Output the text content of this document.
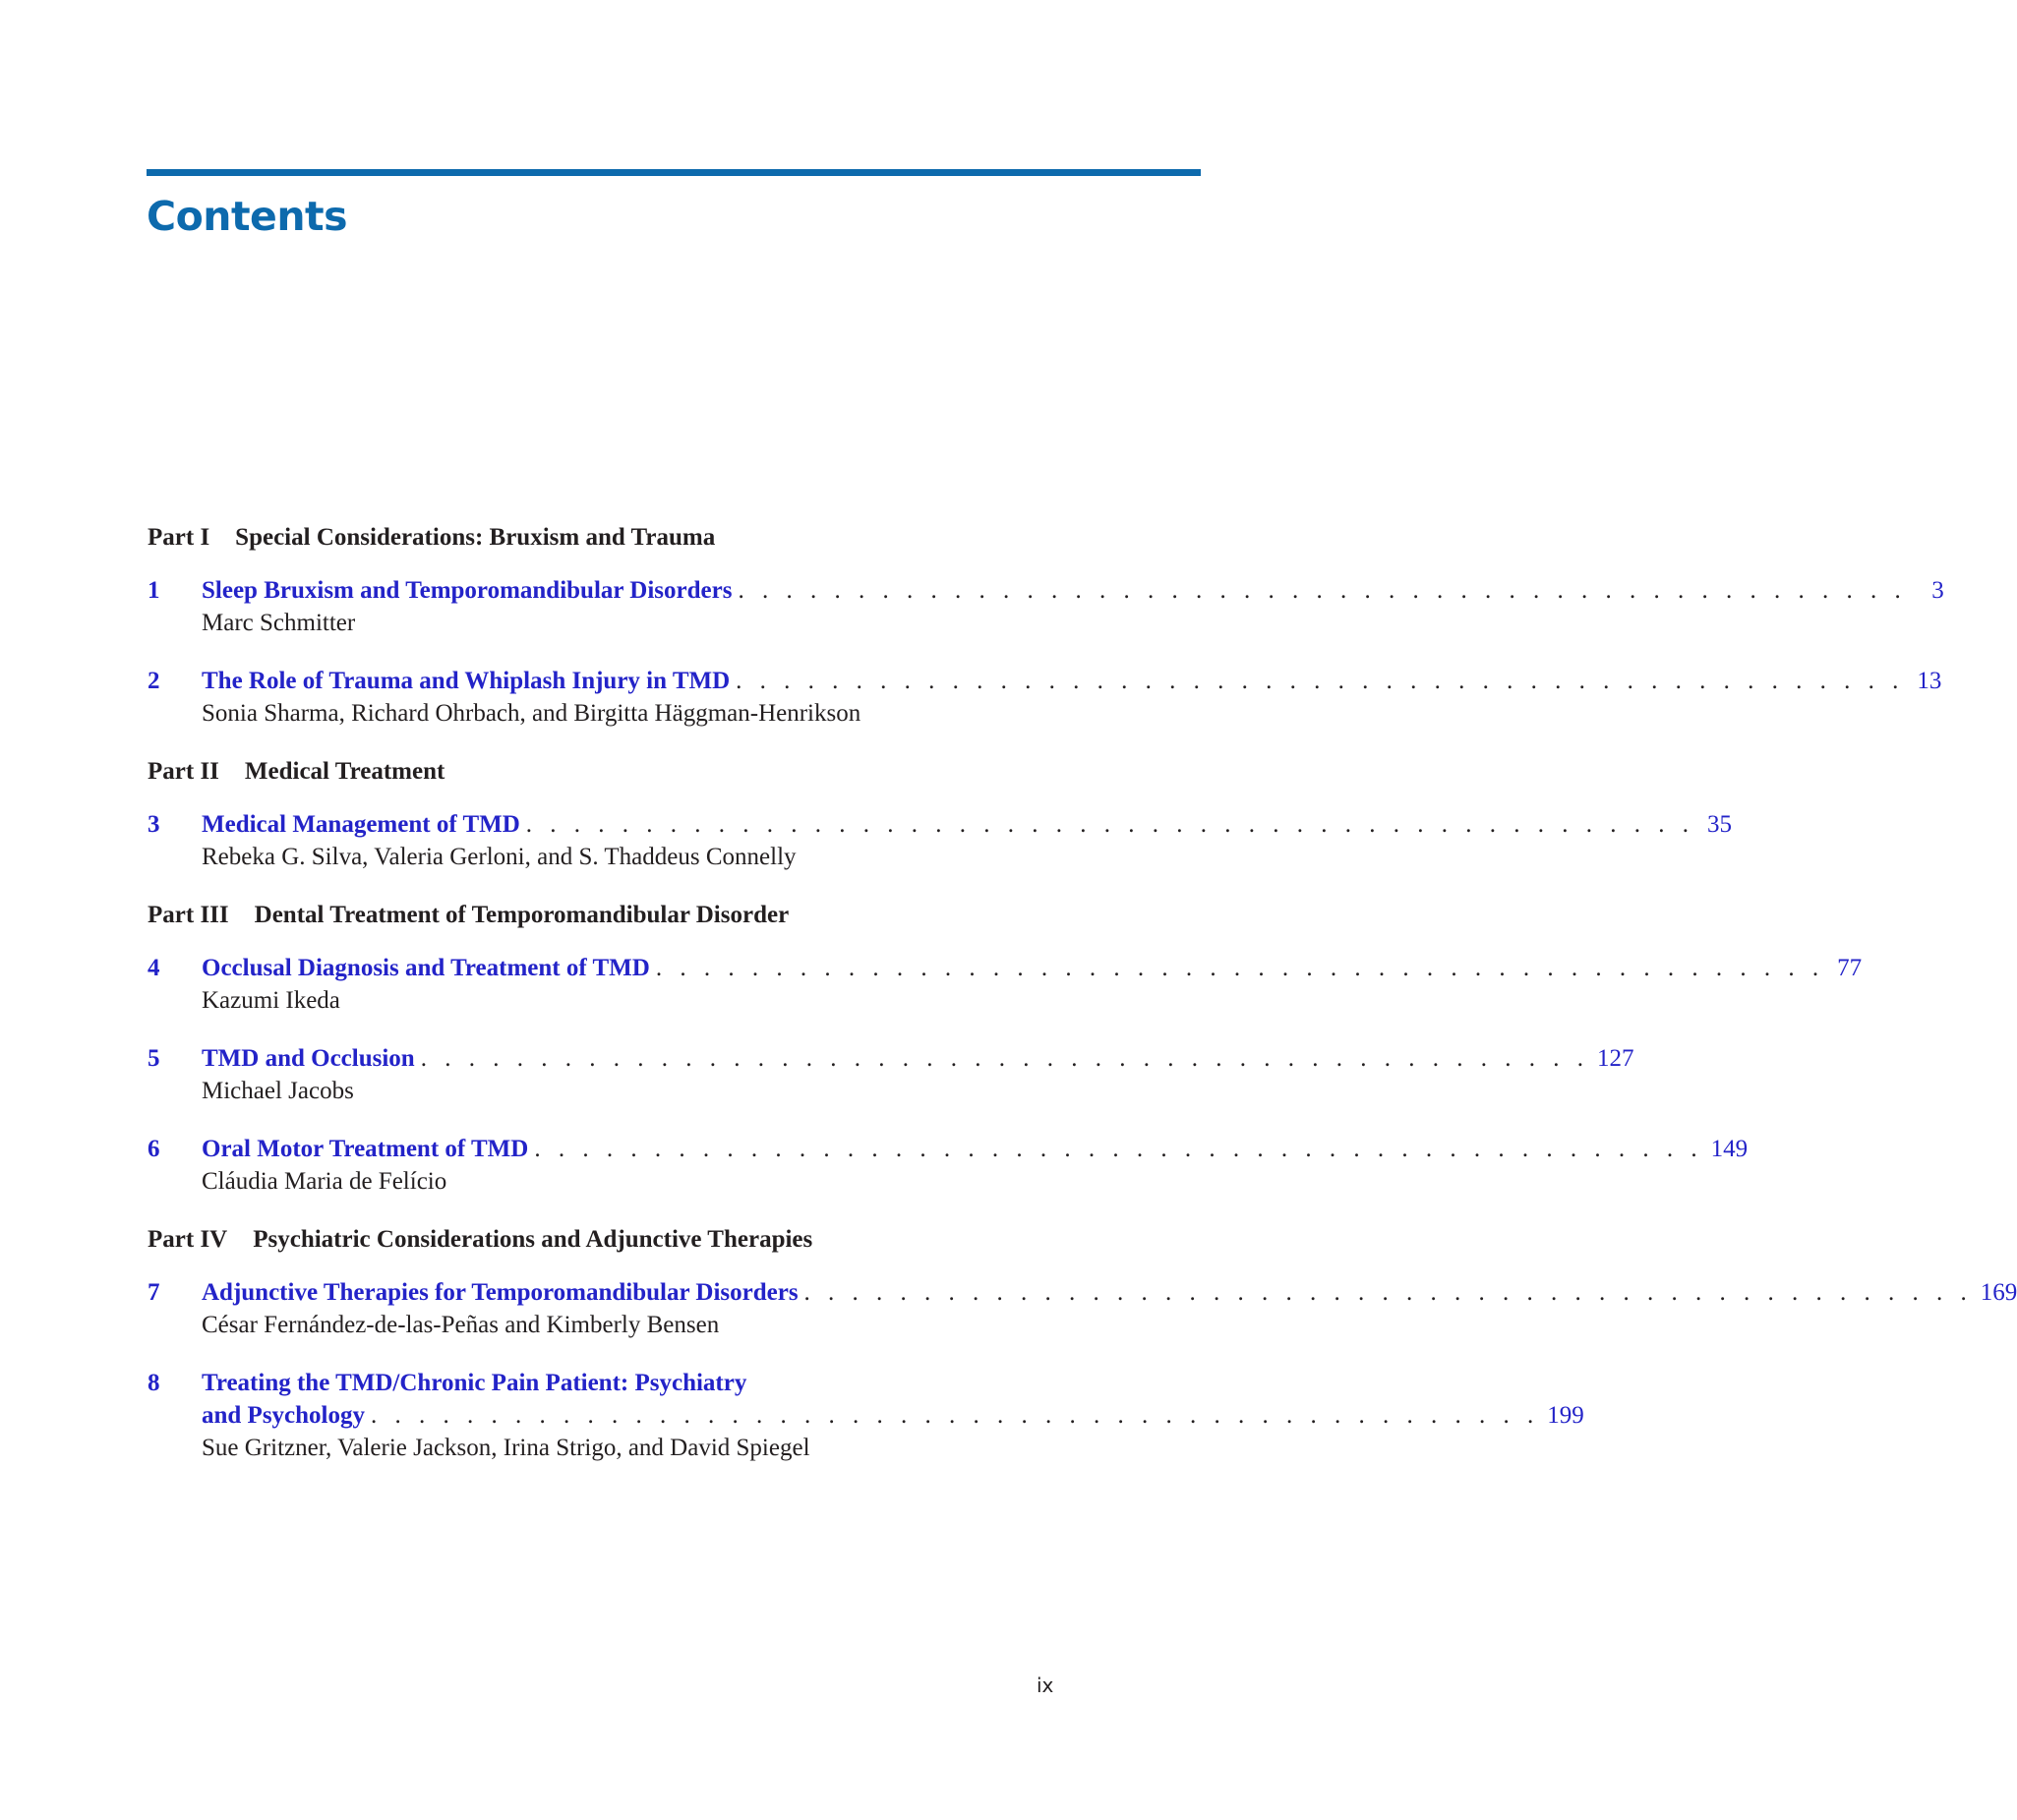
Contents
Part I Special Considerations: Bruxism and Trauma
1	Sleep Bruxism and Temporomandibular Disorders . . . . . . . . . . . . . . . . . . . . . . . . . . . . . . . . . . . . . . . . . . . . . . . . .	3
Marc Schmitter
2	The Role of Trauma and Whiplash Injury in TMD . . . . . . . . . . . . . . . . . . . . . . . . . . . . . . . . . . . . . . . . . . . . . . . . . 13
Sonia Sharma, Richard Ohrbach, and Birgitta Häggman-Henrikson
Part II Medical Treatment
3	Medical Management of TMD . . . . . . . . . . . . . . . . . . . . . . . . . . . . . . . . . . . . . . . . . . . . . . . . . 35
Rebeka G. Silva, Valeria Gerloni, and S. Thaddeus Connelly
Part III Dental Treatment of Temporomandibular Disorder
4	Occlusal Diagnosis and Treatment of TMD . . . . . . . . . . . . . . . . . . . . . . . . . . . . . . . . . . . . . . . . . . . . . . . . . 77
Kazumi Ikeda
5	TMD and Occlusion . . . . . . . . . . . . . . . . . . . . . . . . . . . . . . . . . . . . . . . . . . . . . . . . . 127
Michael Jacobs
6	Oral Motor Treatment of TMD . . . . . . . . . . . . . . . . . . . . . . . . . . . . . . . . . . . . . . . . . . . . . . . . . 149
Cláudia Maria de Felício
Part IV Psychiatric Considerations and Adjunctive Therapies
7	Adjunctive Therapies for Temporomandibular Disorders . . . . . . . . . . . . . . . . . . . . . . . . . . . . . . . . . . . . . . . . . . . . . . . . . 169
César Fernández-de-las-Peñas and Kimberly Bensen
8	Treating the TMD/Chronic Pain Patient: Psychiatry
and Psychology . . . . . . . . . . . . . . . . . . . . . . . . . . . . . . . . . . . . . . . . . . . . . . . . . 199
Sue Gritzner, Valerie Jackson, Irina Strigo, and David Spiegel
ix
